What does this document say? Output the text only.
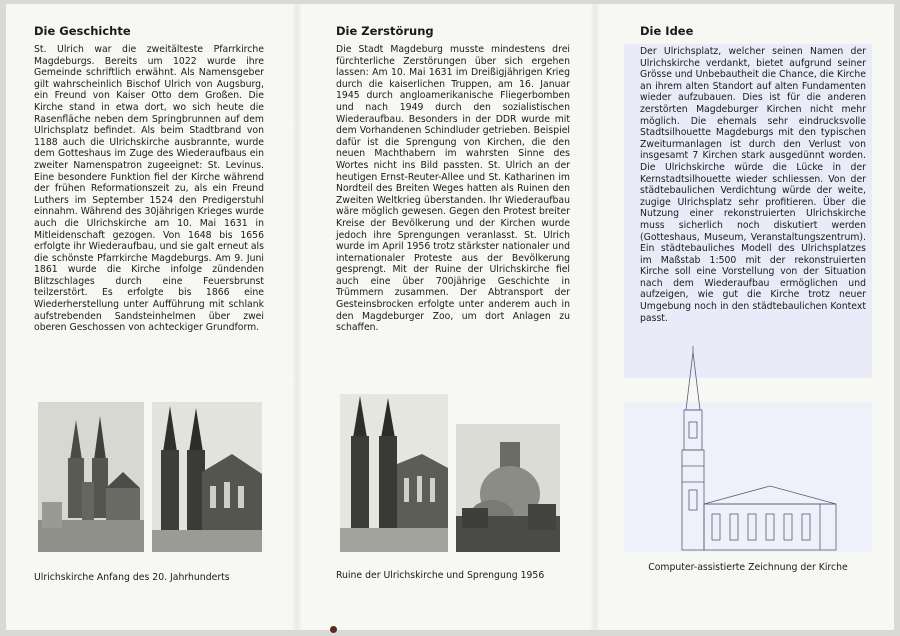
Die Geschichte

St. Ulrich war die zweitälteste Pfarrkirche Magdeburgs. Bereits um 1022 wurde ihre Gemeinde schriftlich erwähnt. Als Namensgeber gilt wahrscheinlich Bischof Ulrich von Augsburg, ein Freund von Kaiser Otto dem Großen. Die Kirche stand in etwa dort, wo sich heute die Rasenfläche neben dem Springbrunnen auf dem Ulrichsplatz befindet. Als beim Stadtbrand von 1188 auch die Ulrichskirche ausbrannte, wurde dem Gotteshaus im Zuge des Wiederaufbaus ein zweiter Namenspatron zugeeignet: St. Levinus. Eine besondere Funktion fiel der Kirche während der frühen Reformationszeit zu, als ein Freund Luthers im September 1524 den Predigerstuhl einnahm. Während des 30jährigen Krieges wurde auch die Ulrichskirche am 10. Mai 1631 in Mitleidenschaft gezogen. Von 1648 bis 1656 erfolgte ihr Wiederaufbau, und sie galt erneut als die schönste Pfarrkirche Magdeburgs. Am 9. Juni 1861 wurde die Kirche infolge zündenden Blitzschlages durch eine Feuersbrunst teilzerstört. Es erfolgte bis 1866 eine Wiederherstellung unter Aufführung mit schlank aufstrebenden Sandsteinhelmen über zwei oberen Geschossen von achteckiger Grundform.

Ulrichskirche Anfang des 20. Jahrhunderts

Die Zerstörung

Die Stadt Magdeburg musste mindestens drei fürchterliche Zerstörungen über sich ergehen lassen: Am 10. Mai 1631 im Dreißigjährigen Krieg durch die kaiserlichen Truppen, am 16. Januar 1945 durch angloamerikanische Fliegerbomben und nach 1949 durch den sozialistischen Wiederaufbau. Besonders in der DDR wurde mit dem Vorhandenen Schindluder getrieben. Beispiel dafür ist die Sprengung von Kirchen, die den neuen Machthabern im wahrsten Sinne des Wortes nicht ins Bild passten. St. Ulrich an der heutigen Ernst-Reuter-Allee und St. Katharinen im Nordteil des Breiten Weges hatten als Ruinen den Zweiten Weltkrieg überstanden. Ihr Wiederaufbau wäre möglich gewesen. Gegen den Protest breiter Kreise der Bevölkerung und der Kirchen wurde jedoch ihre Sprengungen veranlasst. St. Ulrich wurde im April 1956 trotz stärkster nationaler und internationaler Proteste aus der Bevölkerung gesprengt. Mit der Ruine der Ulrichskirche fiel auch eine über 700jährige Geschichte in Trümmern zusammen. Der Abtransport der Gesteinsbrocken erfolgte unter anderem auch in den Magdeburger Zoo, um dort Anlagen zu schaffen.

Ruine der Ulrichskirche und Sprengung 1956

Die Idee

Der Ulrichsplatz, welcher seinen Namen der Ulrichskirche verdankt, bietet aufgrund seiner Grösse und Unbebautheit die Chance, die Kirche an ihrem alten Standort auf alten Fundamenten wieder aufzubauen. Dies ist für die anderen zerstörten Magdeburger Kirchen nicht mehr möglich. Die ehemals sehr eindrucksvolle Stadtsilhouette Magdeburgs mit den typischen Zweiturmanlagen ist durch den Verlust von insgesamt 7 Kirchen stark ausgedünnt worden. Die Ulrichskirche würde die Lücke in der Kernstadtsilhouette wieder schliessen. Von der städtebaulichen Verdichtung würde der weite, zugige Ulrichsplatz sehr profitieren. Über die Nutzung einer rekonstruierten Ulrichskirche muss sicherlich noch diskutiert werden (Gotteshaus, Museum, Veranstaltungszentrum). Ein städtebauliches Modell des Ulrichsplatzes im Maßstab 1:500 mit der rekonstruierten Kirche soll eine Vorstellung von der Situation nach dem Wiederaufbau ermöglichen und aufzeigen, wie gut die Kirche trotz neuer Umgebung noch in den städtebaulichen Kontext passt.

Computer-assistierte Zeichnung der Kirche
